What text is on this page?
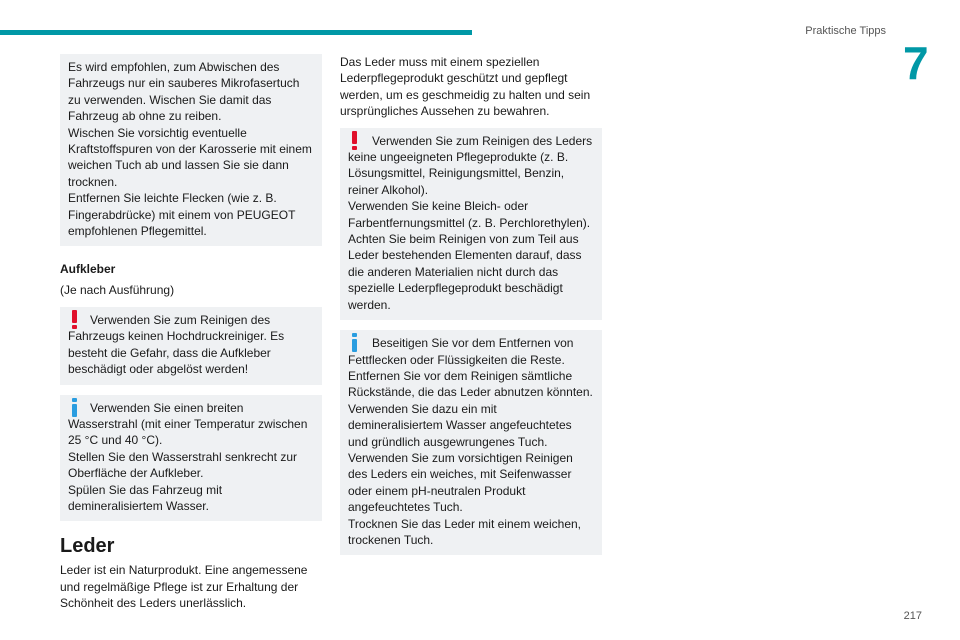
Praktische Tipps
7
217

Es wird empfohlen, zum Abwischen des Fahrzeugs nur ein sauberes Mikrofasertuch zu verwenden. Wischen Sie damit das Fahrzeug ab ohne zu reiben.

Wischen Sie vorsichtig eventuelle Kraftstoffspuren von der Karosserie mit einem weichen Tuch ab und lassen Sie sie dann trocknen.

Entfernen Sie leichte Flecken (wie z. B. Fingerabdrücke) mit einem von PEUGEOT empfohlenen Pflegemittel.

Aufkleber

(Je nach Ausführung)

Verwenden Sie zum Reinigen des Fahrzeugs keinen Hochdruckreiniger. Es besteht die Gefahr, dass die Aufkleber beschädigt oder abgelöst werden!

Verwenden Sie einen breiten Wasserstrahl (mit einer Temperatur zwischen 25 °C und 40 °C).

Stellen Sie den Wasserstrahl senkrecht zur Oberfläche der Aufkleber.

Spülen Sie das Fahrzeug mit demineralisiertem Wasser.

Leder

Leder ist ein Naturprodukt. Eine angemessene und regelmäßige Pflege ist zur Erhaltung der Schönheit des Leders unerlässlich.

Das Leder muss mit einem speziellen Lederpflegeprodukt geschützt und gepflegt werden, um es geschmeidig zu halten und sein ursprüngliches Aussehen zu bewahren.

Verwenden Sie zum Reinigen des Leders keine ungeeigneten Pflegeprodukte (z. B. Lösungsmittel, Reinigungsmittel, Benzin, reiner Alkohol).

Verwenden Sie keine Bleich- oder Farbentfernungsmittel (z. B. Perchlorethylen).

Achten Sie beim Reinigen von zum Teil aus Leder bestehenden Elementen darauf, dass die anderen Materialien nicht durch das spezielle Lederpflegeprodukt beschädigt werden.

Beseitigen Sie vor dem Entfernen von Fettflecken oder Flüssigkeiten die Reste.

Entfernen Sie vor dem Reinigen sämtliche Rückstände, die das Leder abnutzen könnten.

Verwenden Sie dazu ein mit demineralisiertem Wasser angefeuchtetes und gründlich ausgewrungenes Tuch.

Verwenden Sie zum vorsichtigen Reinigen des Leders ein weiches, mit Seifenwasser oder einem pH-neutralen Produkt angefeuchtetes Tuch.

Trocknen Sie das Leder mit einem weichen, trockenen Tuch.
